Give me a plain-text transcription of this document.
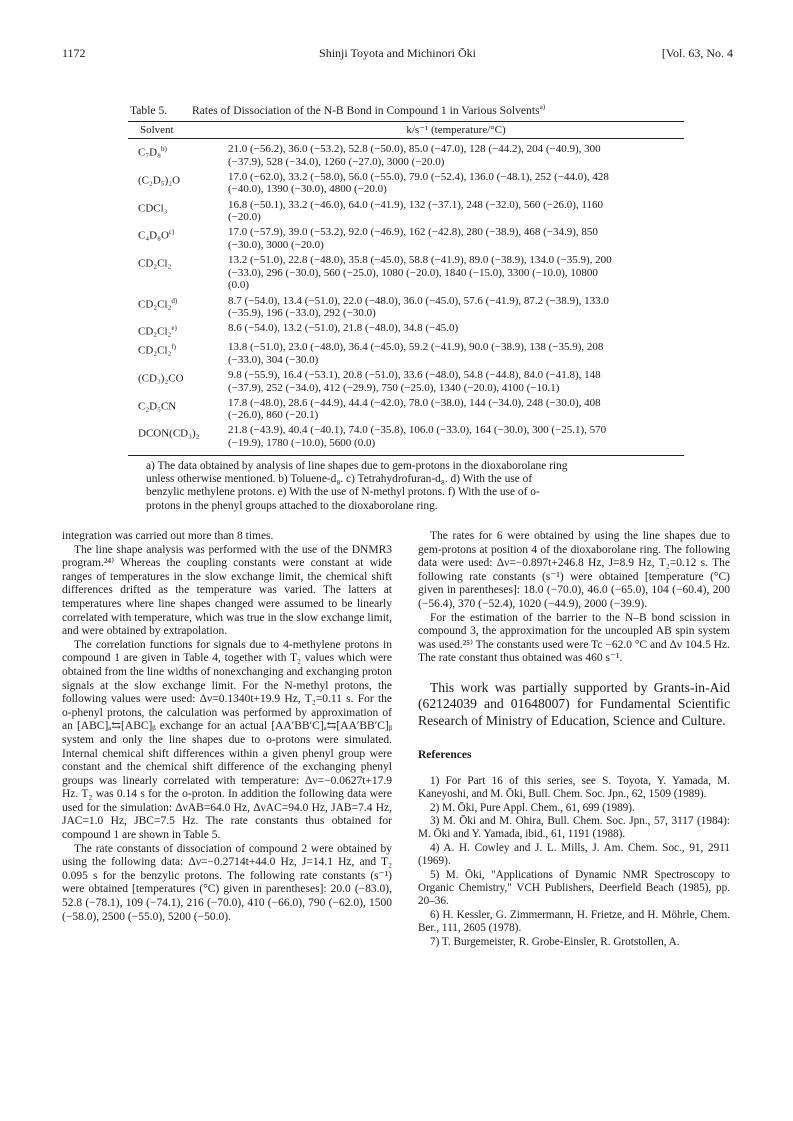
1172	Shinji Toyota and Michinori Ōki	[Vol. 63, No. 4
Table 5. Rates of Dissociation of the N-B Bond in Compound 1 in Various Solvents$^{a)}$
Solvent	k/s⁻¹ (temperature/°C)
C₇D₈$^{b)}$	21.0 (−56.2), 36.0 (−53.2), 52.8 (−50.0), 85.0 (−47.0), 128 (−44.2), 204 (−40.9), 300
(−37.9), 528 (−34.0), 1260 (−27.0), 3000 (−20.0)
(C₂D₅)₂O	17.0 (−62.0), 33.2 (−58.0), 56.0 (−55.0), 79.0 (−52.4), 136.0 (−48.1), 252 (−44.0), 428
(−40.0), 1390 (−30.0), 4800 (−20.0)
CDCl₃	16.8 (−50.1), 33.2 (−46.0), 64.0 (−41.9), 132 (−37.1), 248 (−32.0), 560 (−26.0), 1160
(−20.0)
$C_4D_8O^{c)}$	17.0 (−57.9), 39.0 (−53.2), 92.0 (−46.9), 162 (−42.8), 280 (−38.9), 468 (−34.9), 850
(−30.0), 3000 (−20.0)
CD₂Cl₂	13.2 (−51.0), 22.8 (−48.0), 35.8 (−45.0), 58.8 (−41.9), 89.0 (−38.9), 134.0 (−35.9), 200
(−33.0), 296 (−30.0), 560 (−25.0), 1080 (−20.0), 1840 (−15.0), 3300 (−10.0), 10800
(0.0)
CD₂Cl₂$^{d)}$	8.7 (−54.0), 13.4 (−51.0), 22.0 (−48.0), 36.0 (−45.0), 57.6 (−41.9), 87.2 (−38.9), 133.0
(−35.9), 196 (−33.0), 292 (−30.0)
CD₂Cl₂$^{e)}$	8.6 (−54.0), 13.2 (−51.0), 21.8 (−48.0), 34.8 (−45.0)
CD₂Cl₂$^{f)}$	13.8 (−51.0), 23.0 (−48.0), 36.4 (−45.0), 59.2 (−41.9), 90.0 (−38.9), 138 (−35.9), 208
(−33.0), 304 (−30.0)
(CD₃)₂CO	9.8 (−55.9), 16.4 (−53.1), 20.8 (−51.0), 33.6 (−48.0), 54.8 (−44.8), 84.0 (−41.8), 148
(−37.9), 252 (−34.0), 412 (−29.9), 750 (−25.0), 1340 (−20.0), 4100 (−10.1)
C₂D₅CN	17.8 (−48.0), 28.6 (−44.9), 44.4 (−42.0), 78.0 (−38.0), 144 (−34.0), 248 (−30.0), 408
(−26.0), 860 (−20.1)
DCON(CD₃)₂	21.8 (−43.9), 40.4 (−40.1), 74.0 (−35.8), 106.0 (−33.0), 164 (−30.0), 300 (−25.1), 570
(−19.9), 1780 (−10.0), 5600 (0.0)
a) The data obtained by analysis of line shapes due to gem-protons in the dioxaborolane ring
unless otherwise mentioned. b) Toluene-d₈. c) Tetrahydrofuran-d₈. d) With the use of
benzylic methylene protons. e) With the use of N-methyl protons. f) With the use of o-
protons in the phenyl groups attached to the dioxaborolane ring.

integration was carried out more than 8 times.

The line shape analysis was performed with the use of the DNMR3 program.²⁴⁾ Whereas the coupling constants were constant at wide ranges of temperatures in the slow exchange limit, the chemical shift differences drifted as the temperature was varied. The latters at temperatures where line shapes changed were assumed to be linearly correlated with temperature, which was true in the slow exchange limit, and were obtained by extrapolation.

The correlation functions for signals due to 4-methylene protons in compound 1 are given in Table 4, together with T₂ values which were obtained from the line widths of nonexchanging and exchanging proton signals at the slow exchange limit. For the N-methyl protons, the following values were used: Δν=0.1340t+19.9 Hz, T₂=0.11 s. For the o-phenyl protons, the calculation was performed by approximation of an [ABC]ₐ⇆[ABC]ᵦ exchange for an actual [AA′BB′C]ₐ⇆[AA′BB′C]ᵦ system and only the line shapes due to o-protons were simulated. Internal chemical shift differences within a given phenyl group were constant and the chemical shift difference of the exchanging phenyl groups was linearly correlated with temperature: Δν=−0.0627t+17.9 Hz. T₂ was 0.14 s for the o-proton. In addition the following data were used for the simulation: ΔνAB=64.0 Hz, ΔνAC=94.0 Hz, JAB=7.4 Hz, JAC=1.0 Hz, JBC=7.5 Hz. The rate constants thus obtained for compound 1 are shown in Table 5.

The rate constants of dissociation of compound 2 were obtained by using the following data: Δν=−0.2714t+44.0 Hz, J=14.1 Hz, and T₂ 0.095 s for the benzylic protons. The following rate constants (s⁻¹) were obtained [temperatures (°C) given in parentheses]: 20.0 (−83.0), 52.8 (−78.1), 109 (−74.1), 216 (−70.0), 410 (−66.0), 790 (−62.0), 1500 (−58.0), 2500 (−55.0), 5200 (−50.0).

The rates for 6 were obtained by using the line shapes due to gem-protons at position 4 of the dioxaborolane ring. The following data were used: Δν=−0.897t+246.8 Hz, J=8.9 Hz, T₂=0.12 s. The following rate constants (s⁻¹) were obtained [temperature (°C) given in parentheses]: 18.0 (−70.0), 46.0 (−65.0), 104 (−60.4), 200 (−56.4), 370 (−52.4), 1020 (−44.9), 2000 (−39.9).

For the estimation of the barrier to the N–B bond scission in compound 3, the approximation for the uncoupled AB spin system was used.²⁵⁾ The constants used were Tc −62.0 °C and Δν 104.5 Hz. The rate constant thus obtained was 460 s⁻¹.

This work was partially supported by Grants-in-Aid (62124039 and 01648007) for Fundamental Scientific Research of Ministry of Education, Science and Culture.

References

1) For Part 16 of this series, see S. Toyota, Y. Yamada, M. Kaneyoshi, and M. Ōki, Bull. Chem. Soc. Jpn., 62, 1509 (1989).

2) M. Ōki, Pure Appl. Chem., 61, 699 (1989).

3) M. Ōki and M. Ohira, Bull. Chem. Soc. Jpn., 57, 3117 (1984): M. Ōki and Y. Yamada, ibid., 61, 1191 (1988).

4) A. H. Cowley and J. L. Mills, J. Am. Chem. Soc., 91, 2911 (1969).

5) M. Ōki, "Applications of Dynamic NMR Spectroscopy to Organic Chemistry," VCH Publishers, Deerfield Beach (1985), pp. 20–36.

6) H. Kessler, G. Zimmermann, H. Frietze, and H. Möhrle, Chem. Ber., 111, 2605 (1978).

7) T. Burgemeister, R. Grobe-Einsler, R. Grotstollen, A.
